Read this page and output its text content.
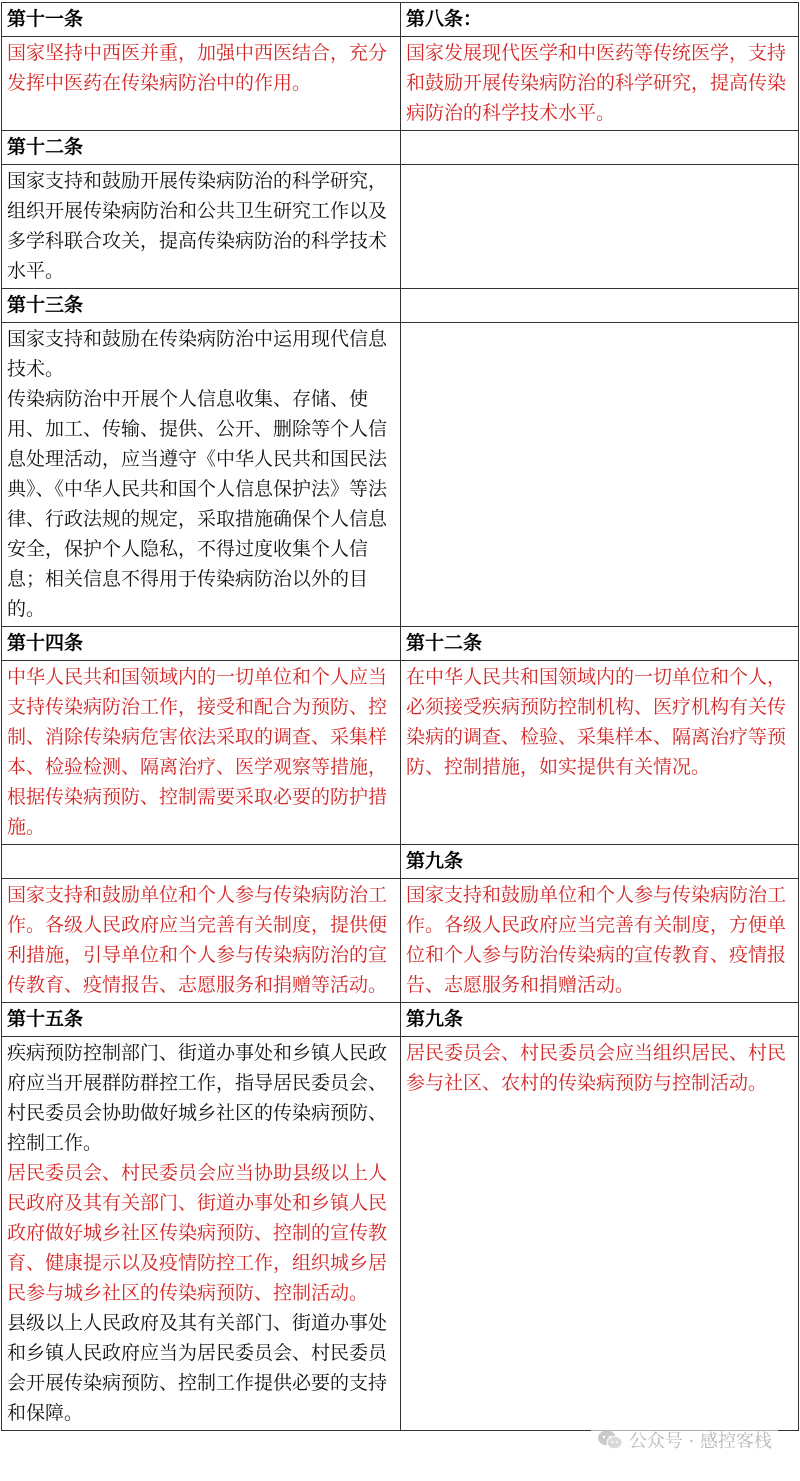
第十一条	第八条：
国家坚持中西医并重，加强中西医结合，充分发挥中医药在传染病防治中的作用。	国家发展现代医学和中医药等传统医学，支持和鼓励开展传染病防治的科学研究，提高传染病防治的科学技术水平。
第十二条	
国家支持和鼓励开展传染病防治的科学研究，组织开展传染病防治和公共卫生研究工作以及多学科联合攻关，提高传染病防治的科学技术水平。	
第十三条	

国家支持和鼓励在传染病防治中运用现代信息技术。
传染病防治中开展个人信息收集、存储、使用、加工、传输、提供、公开、删除等个人信息处理活动，应当遵守《中华人民共和国民法典》、《中华人民共和国个人信息保护法》等法律、行政法规的规定，采取措施确保个人信息安全，保护个人隐私，不得过度收集个人信息；相关信息不得用于传染病防治以外的目的。	

第十四条	第十二条
中华人民共和国领域内的一切单位和个人应当支持传染病防治工作，接受和配合为预防、控制、消除传染病危害依法采取的调查、采集样本、检验检测、隔离治疗、医学观察等措施，根据传染病预防、控制需要采取必要的防护措施。	在中华人民共和国领域内的一切单位和个人，必须接受疾病预防控制机构、医疗机构有关传染病的调查、检验、采集样本、隔离治疗等预防、控制措施，如实提供有关情况。
	第九条
国家支持和鼓励单位和个人参与传染病防治工作。各级人民政府应当完善有关制度，提供便利措施，引导单位和个人参与传染病防治的宣传教育、疫情报告、志愿服务和捐赠等活动。	国家支持和鼓励单位和个人参与传染病防治工作。各级人民政府应当完善有关制度，方便单位和个人参与防治传染病的宣传教育、疫情报告、志愿服务和捐赠活动。
第十五条	第九条

疾病预防控制部门、街道办事处和乡镇人民政府应当开展群防群控工作，指导居民委员会、村民委员会协助做好城乡社区的传染病预防、控制工作。
居民委员会、村民委员会应当协助县级以上人民政府及其有关部门、街道办事处和乡镇人民政府做好城乡社区传染病预防、控制的宣传教育、健康提示以及疫情防控工作，组织城乡居民参与城乡社区的传染病预防、控制活动。
县级以上人民政府及其有关部门、街道办事处和乡镇人民政府应当为居民委员会、村民委员会开展传染病预防、控制工作提供必要的支持和保障。	居民委员会、村民委员会应当组织居民、村民参与社区、农村的传染病预防与控制活动。
公众号 · 感控客栈
